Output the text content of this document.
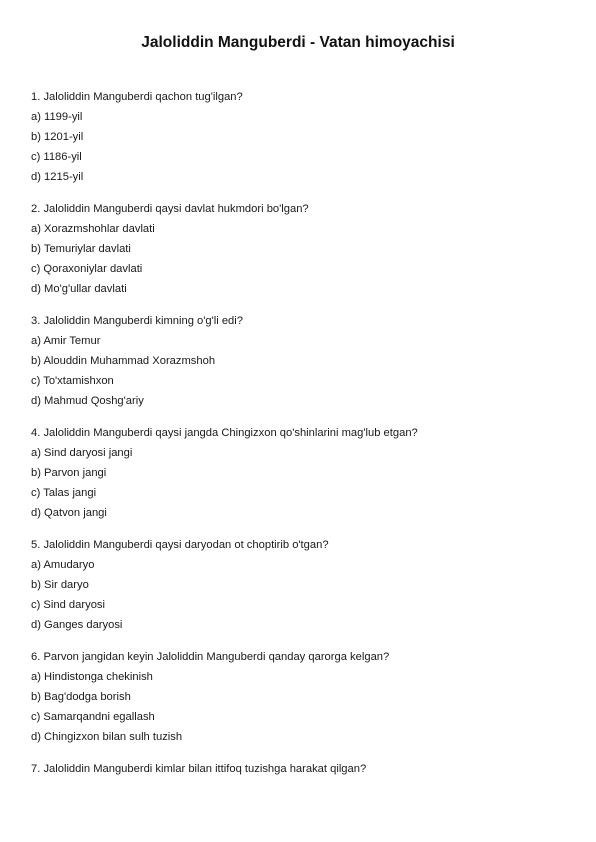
Jaloliddin Manguberdi - Vatan himoyachisi
1. Jaloliddin Manguberdi qachon tug'ilgan?
a) 1199-yil
b) 1201-yil
c) 1186-yil
d) 1215-yil
2. Jaloliddin Manguberdi qaysi davlat hukmdori bo'lgan?
a) Xorazmshohlar davlati
b) Temuriylar davlati
c) Qoraxoniylar davlati
d) Mo'g'ullar davlati
3. Jaloliddin Manguberdi kimning o'g'li edi?
a) Amir Temur
b) Alouddin Muhammad Xorazmshoh
c) To'xtamishxon
d) Mahmud Qoshg'ariy
4. Jaloliddin Manguberdi qaysi jangda Chingizxon qo'shinlarini mag'lub etgan?
a) Sind daryosi jangi
b) Parvon jangi
c) Talas jangi
d) Qatvon jangi
5. Jaloliddin Manguberdi qaysi daryodan ot choptirib o'tgan?
a) Amudaryo
b) Sir daryo
c) Sind daryosi
d) Ganges daryosi
6. Parvon jangidan keyin Jaloliddin Manguberdi qanday qarorga kelgan?
a) Hindistonga chekinish
b) Bag'dodga borish
c) Samarqandni egallash
d) Chingizxon bilan sulh tuzish
7. Jaloliddin Manguberdi kimlar bilan ittifoq tuzishga harakat qilgan?
